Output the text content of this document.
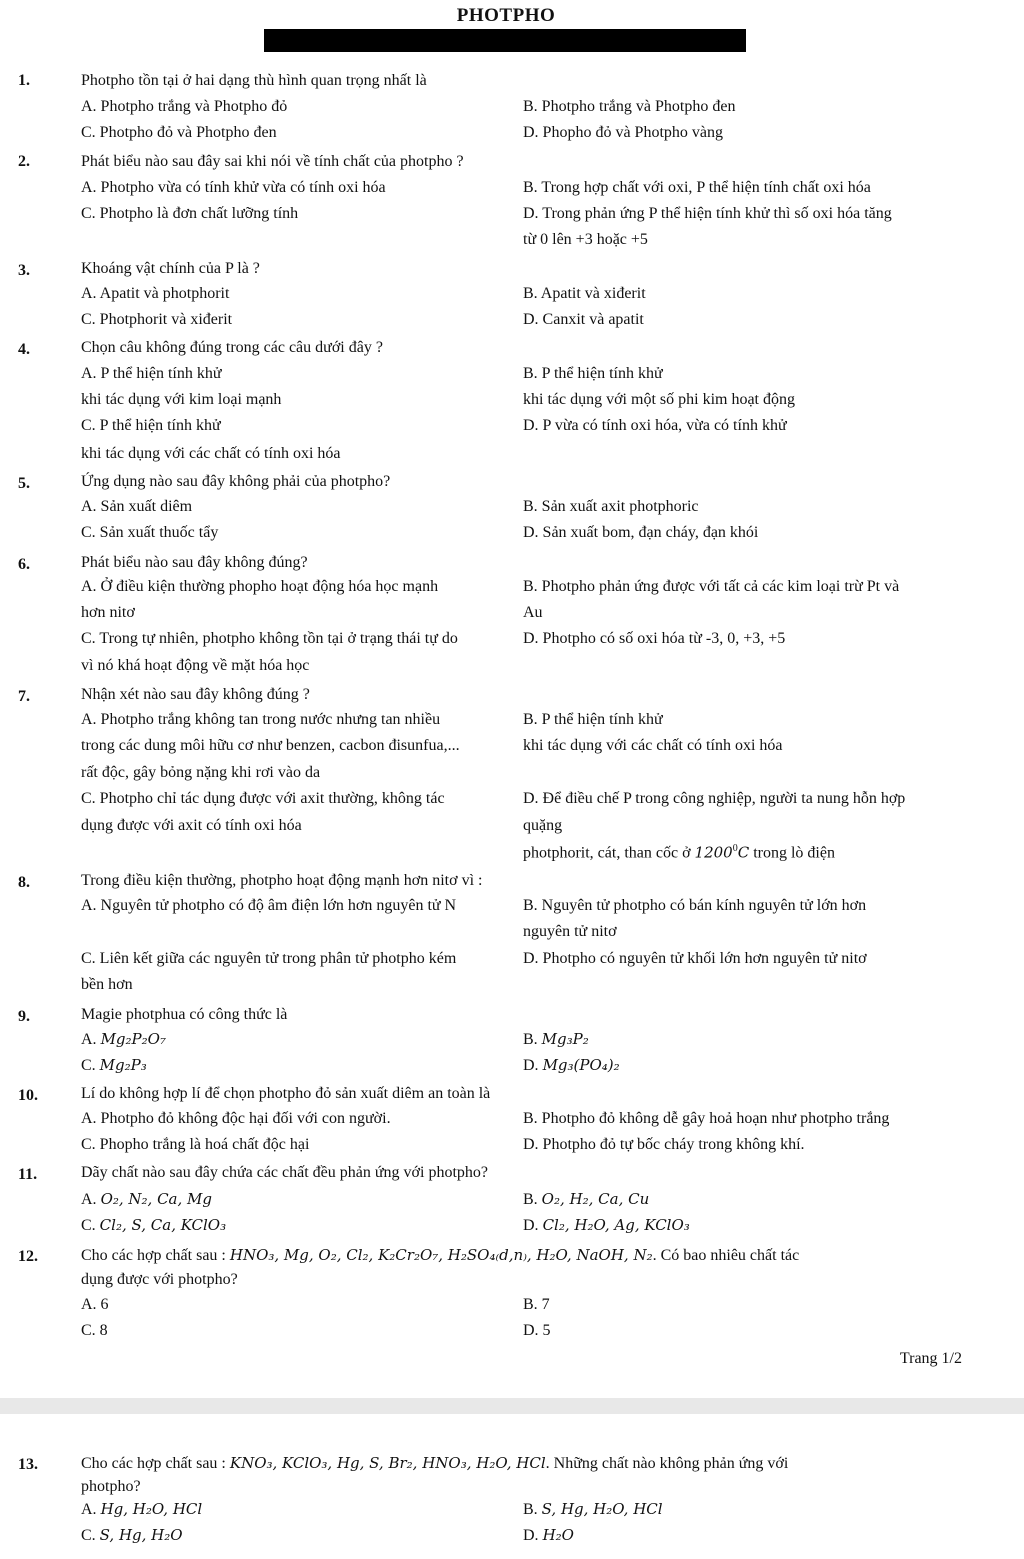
PHOTPHO
1.	Photpho tồn tại ở hai dạng thù hình quan trọng nhất là
A. Photpho trắng và Photpho đỏ	B. Photpho trắng và Photpho đen
C. Photpho đỏ và Photpho đen	D. Phopho đỏ và Photpho vàng
2.	Phát biểu nào sau đây sai khi nói về tính chất của photpho ?
A. Photpho vừa có tính khử vừa có tính oxi hóa	B. Trong hợp chất với oxi, P thể hiện tính chất oxi hóa
C. Photpho là đơn chất lưỡng tính	D. Trong phản ứng P thể hiện tính khử thì số oxi hóa tăng
từ 0 lên +3 hoặc +5
3.	Khoáng vật chính của P là ?
A. Apatit và photphorit	B. Apatit và xiđerit
C. Photphorit và xiđerit	D. Canxit và apatit
4.	Chọn câu không đúng trong các câu dưới đây ?
A. P thể hiện tính khử	B. P thể hiện tính khử
khi tác dụng với kim loại mạnh	khi tác dụng với một số phi kim hoạt động
C. P thể hiện tính khử	D. P vừa có tính oxi hóa, vừa có tính khử
khi tác dụng với các chất có tính oxi hóa
5.	Ứng dụng nào sau đây không phải của photpho?
A. Sản xuất diêm	B. Sản xuất axit photphoric
C. Sản xuất thuốc tẩy	D. Sản xuất bom, đạn cháy, đạn khói
6.	Phát biểu nào sau đây không đúng?
A. Ở điều kiện thường phopho hoạt động hóa học mạnh	B. Photpho phản ứng được với tất cả các kim loại trừ Pt và
hơn nitơ	Au
C. Trong tự nhiên, photpho không tồn tại ở trạng thái tự do	D. Photpho có số oxi hóa từ -3, 0, +3, +5
vì nó khá hoạt động về mặt hóa học
7.	Nhận xét nào sau đây không đúng ?
A. Photpho trắng không tan trong nước nhưng tan nhiều	B. P thể hiện tính khử
trong các dung môi hữu cơ như benzen, cacbon đisunfua,...	khi tác dụng với các chất có tính oxi hóa
rất độc, gây bỏng nặng khi rơi vào da
C. Photpho chỉ tác dụng được với axit thường, không tác	D. Để điều chế P trong công nghiệp, người ta nung hỗn hợp
dụng được với axit có tính oxi hóa	quặng
photphorit, cát, than cốc ở 1200$^0$C trong lò điện
8.	Trong điều kiện thường, photpho hoạt động mạnh hơn nitơ vì :
A. Nguyên tử photpho có độ âm điện lớn hơn nguyên tử N	B. Nguyên tử photpho có bán kính nguyên tử lớn hơn
nguyên tử nitơ
C. Liên kết giữa các nguyên tử trong phân tử photpho kém	D. Photpho có nguyên tử khối lớn hơn nguyên tử nitơ
bền hơn
9.	Magie photphua có công thức là
A. Mg₂P₂O₇	B. Mg₃P₂
C. Mg₂P₃	D. Mg₃(PO₄)₂
10.	Lí do không hợp lí để chọn photpho đỏ sản xuất diêm an toàn là
A. Photpho đỏ không độc hại đối với con người.	B. Photpho đỏ không dễ gây hoả hoạn như photpho trắng
C. Phopho trắng là hoá chất độc hại	D. Photpho đỏ tự bốc cháy trong không khí.
11.	Dãy chất nào sau đây chứa các chất đều phản ứng với photpho?
A. O₂, N₂, Ca, Mg	B. O₂, H₂, Ca, Cu
C. Cl₂, S, Ca, KClO₃	D. Cl₂, H₂O, Ag, KClO₃
12.	Cho các hợp chất sau : HNO₃, Mg, O₂, Cl₂, K₂Cr₂O₇, H₂SO₄₍d,n₎, H₂O, NaOH, N₂. Có bao nhiêu chất tác
dụng được với photpho?
A. 6	B. 7
C. 8	D. 5
Trang 1/2
13.	Cho các hợp chất sau : KNO₃, KClO₃, Hg, S, Br₂, HNO₃, H₂O, HCl. Những chất nào không phản ứng với
photpho?
A. Hg, H₂O, HCl	B. S, Hg, H₂O, HCl
C. S, Hg, H₂O	D. H₂O
